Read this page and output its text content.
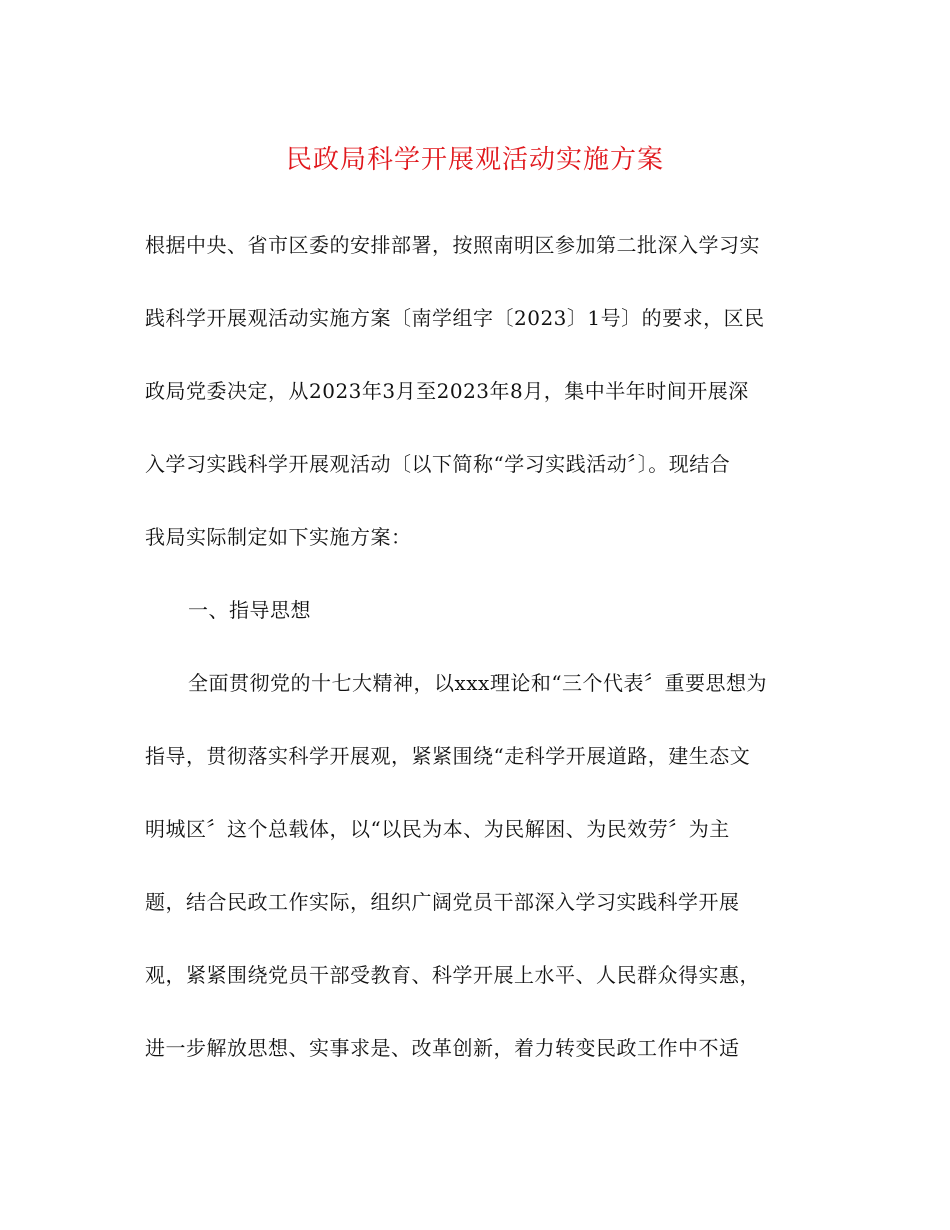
民政局科学开展观活动实施方案
根据中央、省市区委的安排部署，按照南明区参加第二批深入学习实
践科学开展观活动实施方案〔南学组字〔2023〕1号〕的要求，区民
政局党委决定，从2023年3月至2023年8月，集中半年时间开展深
入学习实践科学开展观活动〔以下简称“学习实践活动〞〕。现结合
我局实际制定如下实施方案：
一、指导思想
全面贯彻党的十七大精神，以xxx理论和“三个代表〞重要思想为
指导，贯彻落实科学开展观，紧紧围绕“走科学开展道路，建生态文
明城区〞这个总载体，以“以民为本、为民解困、为民效劳〞为主
题，结合民政工作实际，组织广阔党员干部深入学习实践科学开展
观，紧紧围绕党员干部受教育、科学开展上水平、人民群众得实惠，
进一步解放思想、实事求是、改革创新，着力转变民政工作中不适
